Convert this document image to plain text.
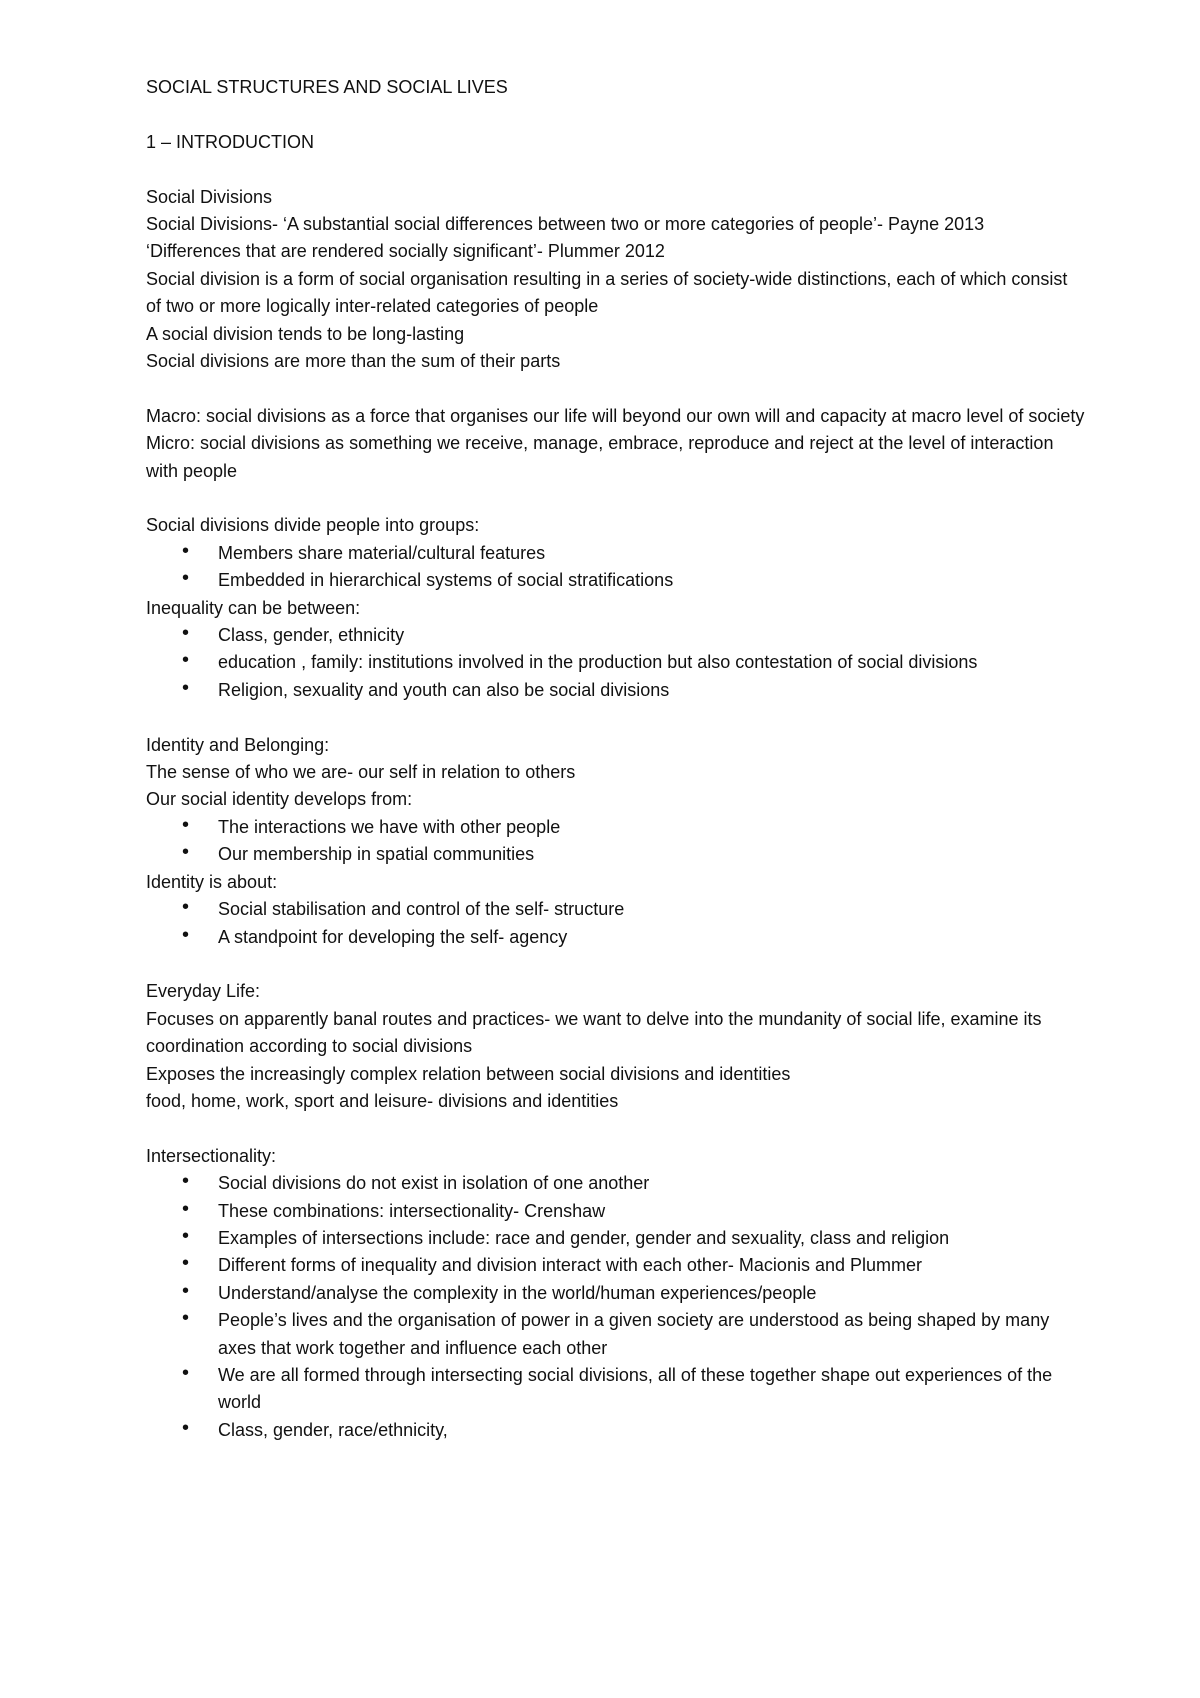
SOCIAL STRUCTURES AND SOCIAL LIVES

1 – INTRODUCTION

Social Divisions

Social Divisions- ‘A substantial social differences between two or more categories of people’- Payne 2013

‘Differences that are rendered socially significant’- Plummer 2012

Social division is a form of social organisation resulting in a series of society-wide distinctions, each of which consist of two or more logically inter-related categories of people

A social division tends to be long-lasting

Social divisions are more than the sum of their parts

Macro: social divisions as a force that organises our life will beyond our own will and capacity at macro level of society

Micro: social divisions as something we receive, manage, embrace, reproduce and reject at the level of interaction with people

Social divisions divide people into groups:

• Members share material/cultural features
• Embedded in hierarchical systems of social stratifications

Inequality can be between:

• Class, gender, ethnicity
• education , family: institutions involved in the production but also contestation of social divisions
• Religion, sexuality and youth can also be social divisions

Identity and Belonging:

The sense of who we are- our self in relation to others

Our social identity develops from:

• The interactions we have with other people
• Our membership in spatial communities

Identity is about:

• Social stabilisation and control of the self- structure
• A standpoint for developing the self- agency

Everyday Life:

Focuses on apparently banal routes and practices- we want to delve into the mundanity of social life, examine its coordination according to social divisions

Exposes the increasingly complex relation between social divisions and identities

food, home, work, sport and leisure- divisions and identities

Intersectionality:

• Social divisions do not exist in isolation of one another
• These combinations: intersectionality- Crenshaw
• Examples of intersections include: race and gender, gender and sexuality, class and religion
• Different forms of inequality and division interact with each other- Macionis and Plummer
• Understand/analyse the complexity in the world/human experiences/people
• People’s lives and the organisation of power in a given society are understood as being shaped by many axes that work together and influence each other
• We are all formed through intersecting social divisions, all of these together shape out experiences of the world
• Class, gender, race/ethnicity,
